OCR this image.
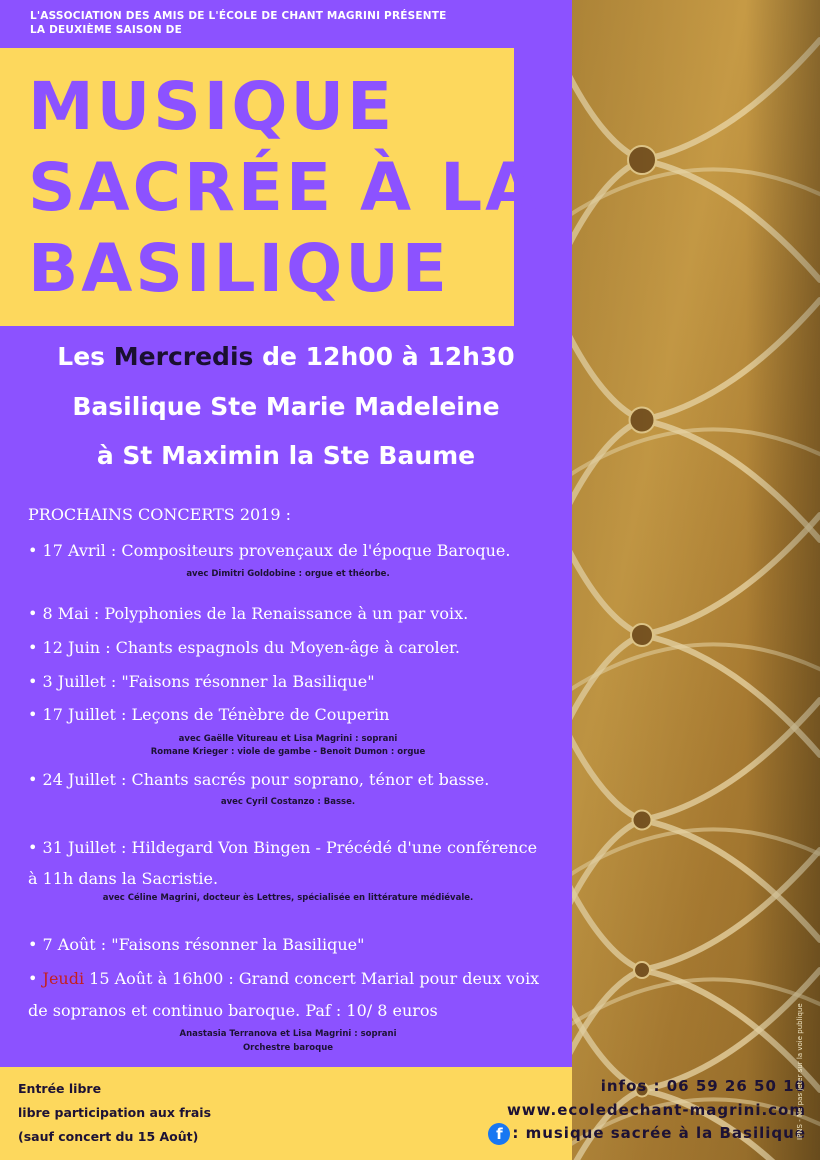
L'ASSOCIATION DES AMIS DE L'ÉCOLE DE CHANT MAGRINI PRÉSENTE
LA DEUXIÈME SAISON DE
MUSIQUE
SACRÉE À LA
BASILIQUE
Les Mercredis de 12h00 à 12h30
Basilique Ste Marie Madeleine
à St Maximin la Ste Baume
PROCHAINS CONCERTS 2019 :
• 17 Avril : Compositeurs provençaux de l'époque Baroque.
avec Dimitri Goldobine : orgue et théorbe.
• 8 Mai : Polyphonies de la Renaissance à un par voix.
• 12 Juin : Chants espagnols du Moyen-âge à caroler.
• 3 Juillet : "Faisons résonner la Basilique"
• 17 Juillet : Leçons de Ténèbre de Couperin
avec Gaëlle Vitureau et Lisa Magrini : soprani
Romane Krieger : viole de gambe - Benoit Dumon : orgue
• 24 Juillet : Chants sacrés pour soprano, ténor et basse.
avec Cyril Costanzo : Basse.
• 31 Juillet : Hildegard Von Bingen - Précédé d'une conférence
à 11h dans la Sacristie.
avec Céline Magrini, docteur ès Lettres, spécialisée en littérature médiévale.
• 7 Août : "Faisons résonner la Basilique"
• Jeudi 15 Août à 16h00 : Grand concert Marial pour deux voix
de sopranos et continuo baroque. Paf : 10/ 8 euros
Anastasia Terranova et Lisa Magrini : soprani
Orchestre baroque
Entrée libre
libre participation aux frais
(sauf concert du 15 Août)
infos : 06 59 26 50 10
www.ecoledechant-magrini.com
f : musique sacrée à la Basilique
IPNS - Ne pas jeter sur la voie publique
